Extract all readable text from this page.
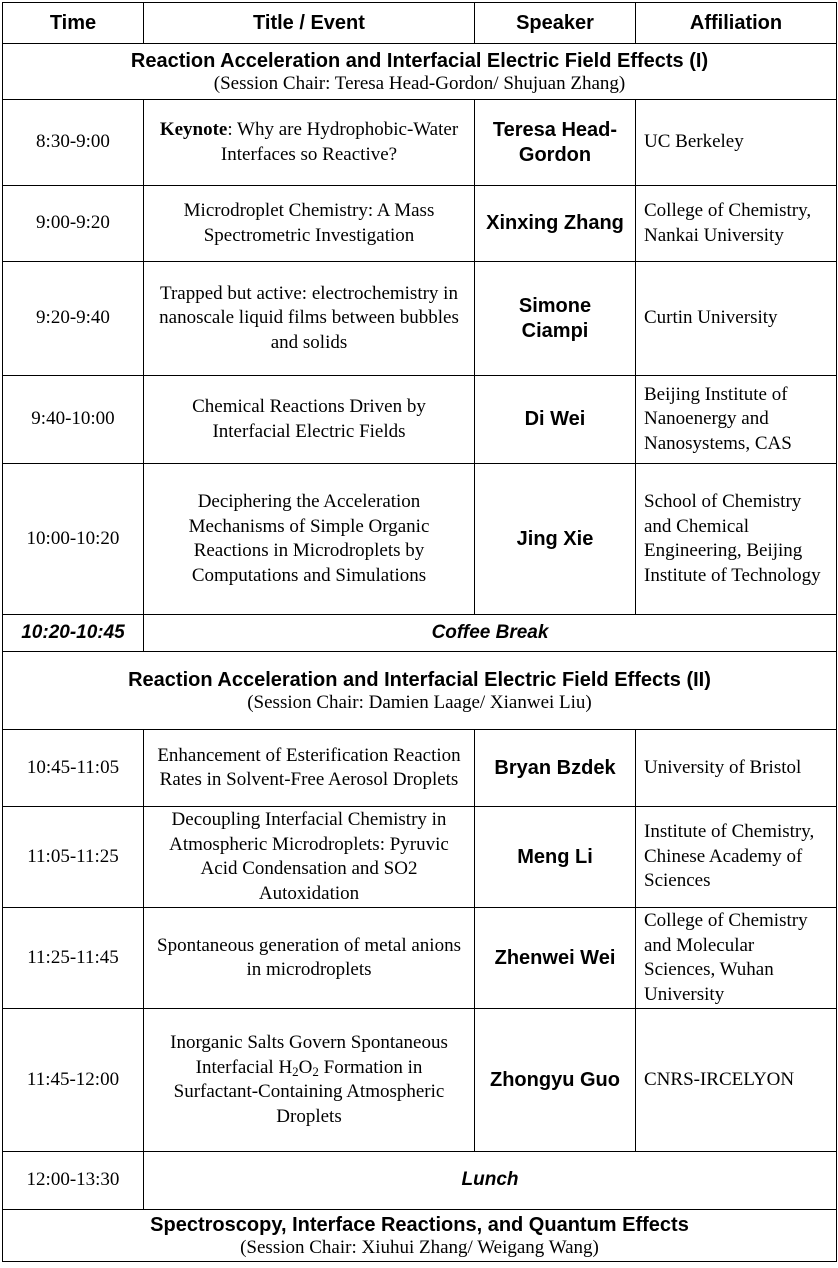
Time	Title / Event	Speaker	Affiliation

Reaction Acceleration and Interfacial Electric Field Effects (I)
(Session Chair: Teresa Head-Gordon/ Shujuan Zhang)			

8:30-9:00	Keynote: Why are Hydrophobic-Water Interfaces so Reactive?	Teresa Head-Gordon	UC Berkeley
9:00-9:20	Microdroplet Chemistry: A Mass Spectrometric Investigation	Xinxing Zhang	College of Chemistry, Nankai University
9:20-9:40	Trapped but active: electrochemistry in nanoscale liquid films between bubbles and solids	Simone Ciampi	Curtin University
9:40-10:00	Chemical Reactions Driven by Interfacial Electric Fields	Di Wei	Beijing Institute of Nanoenergy and Nanosystems, CAS
10:00-10:20	Deciphering the Acceleration Mechanisms of Simple Organic Reactions in Microdroplets by Computations and Simulations	Jing Xie	School of Chemistry and Chemical Engineering, Beijing Institute of Technology
10:20-10:45	Coffee Break		

Reaction Acceleration and Interfacial Electric Field Effects (II)
(Session Chair: Damien Laage/ Xianwei Liu)			

10:45-11:05	Enhancement of Esterification Reaction Rates in Solvent-Free Aerosol Droplets	Bryan Bzdek	University of Bristol
11:05-11:25	Decoupling Interfacial Chemistry in Atmospheric Microdroplets: Pyruvic Acid Condensation and SO2 Autoxidation	Meng Li	Institute of Chemistry, Chinese Academy of Sciences
11:25-11:45	Spontaneous generation of metal anions in microdroplets	Zhenwei Wei	College of Chemistry and Molecular Sciences, Wuhan University
11:45-12:00	Inorganic Salts Govern Spontaneous Interfacial $H_2O_2$ Formation in Surfactant-Containing Atmospheric Droplets	Zhongyu Guo	CNRS-IRCELYON
12:00-13:30	Lunch		

Spectroscopy, Interface Reactions, and Quantum Effects
(Session Chair: Xiuhui Zhang/ Weigang Wang)			
